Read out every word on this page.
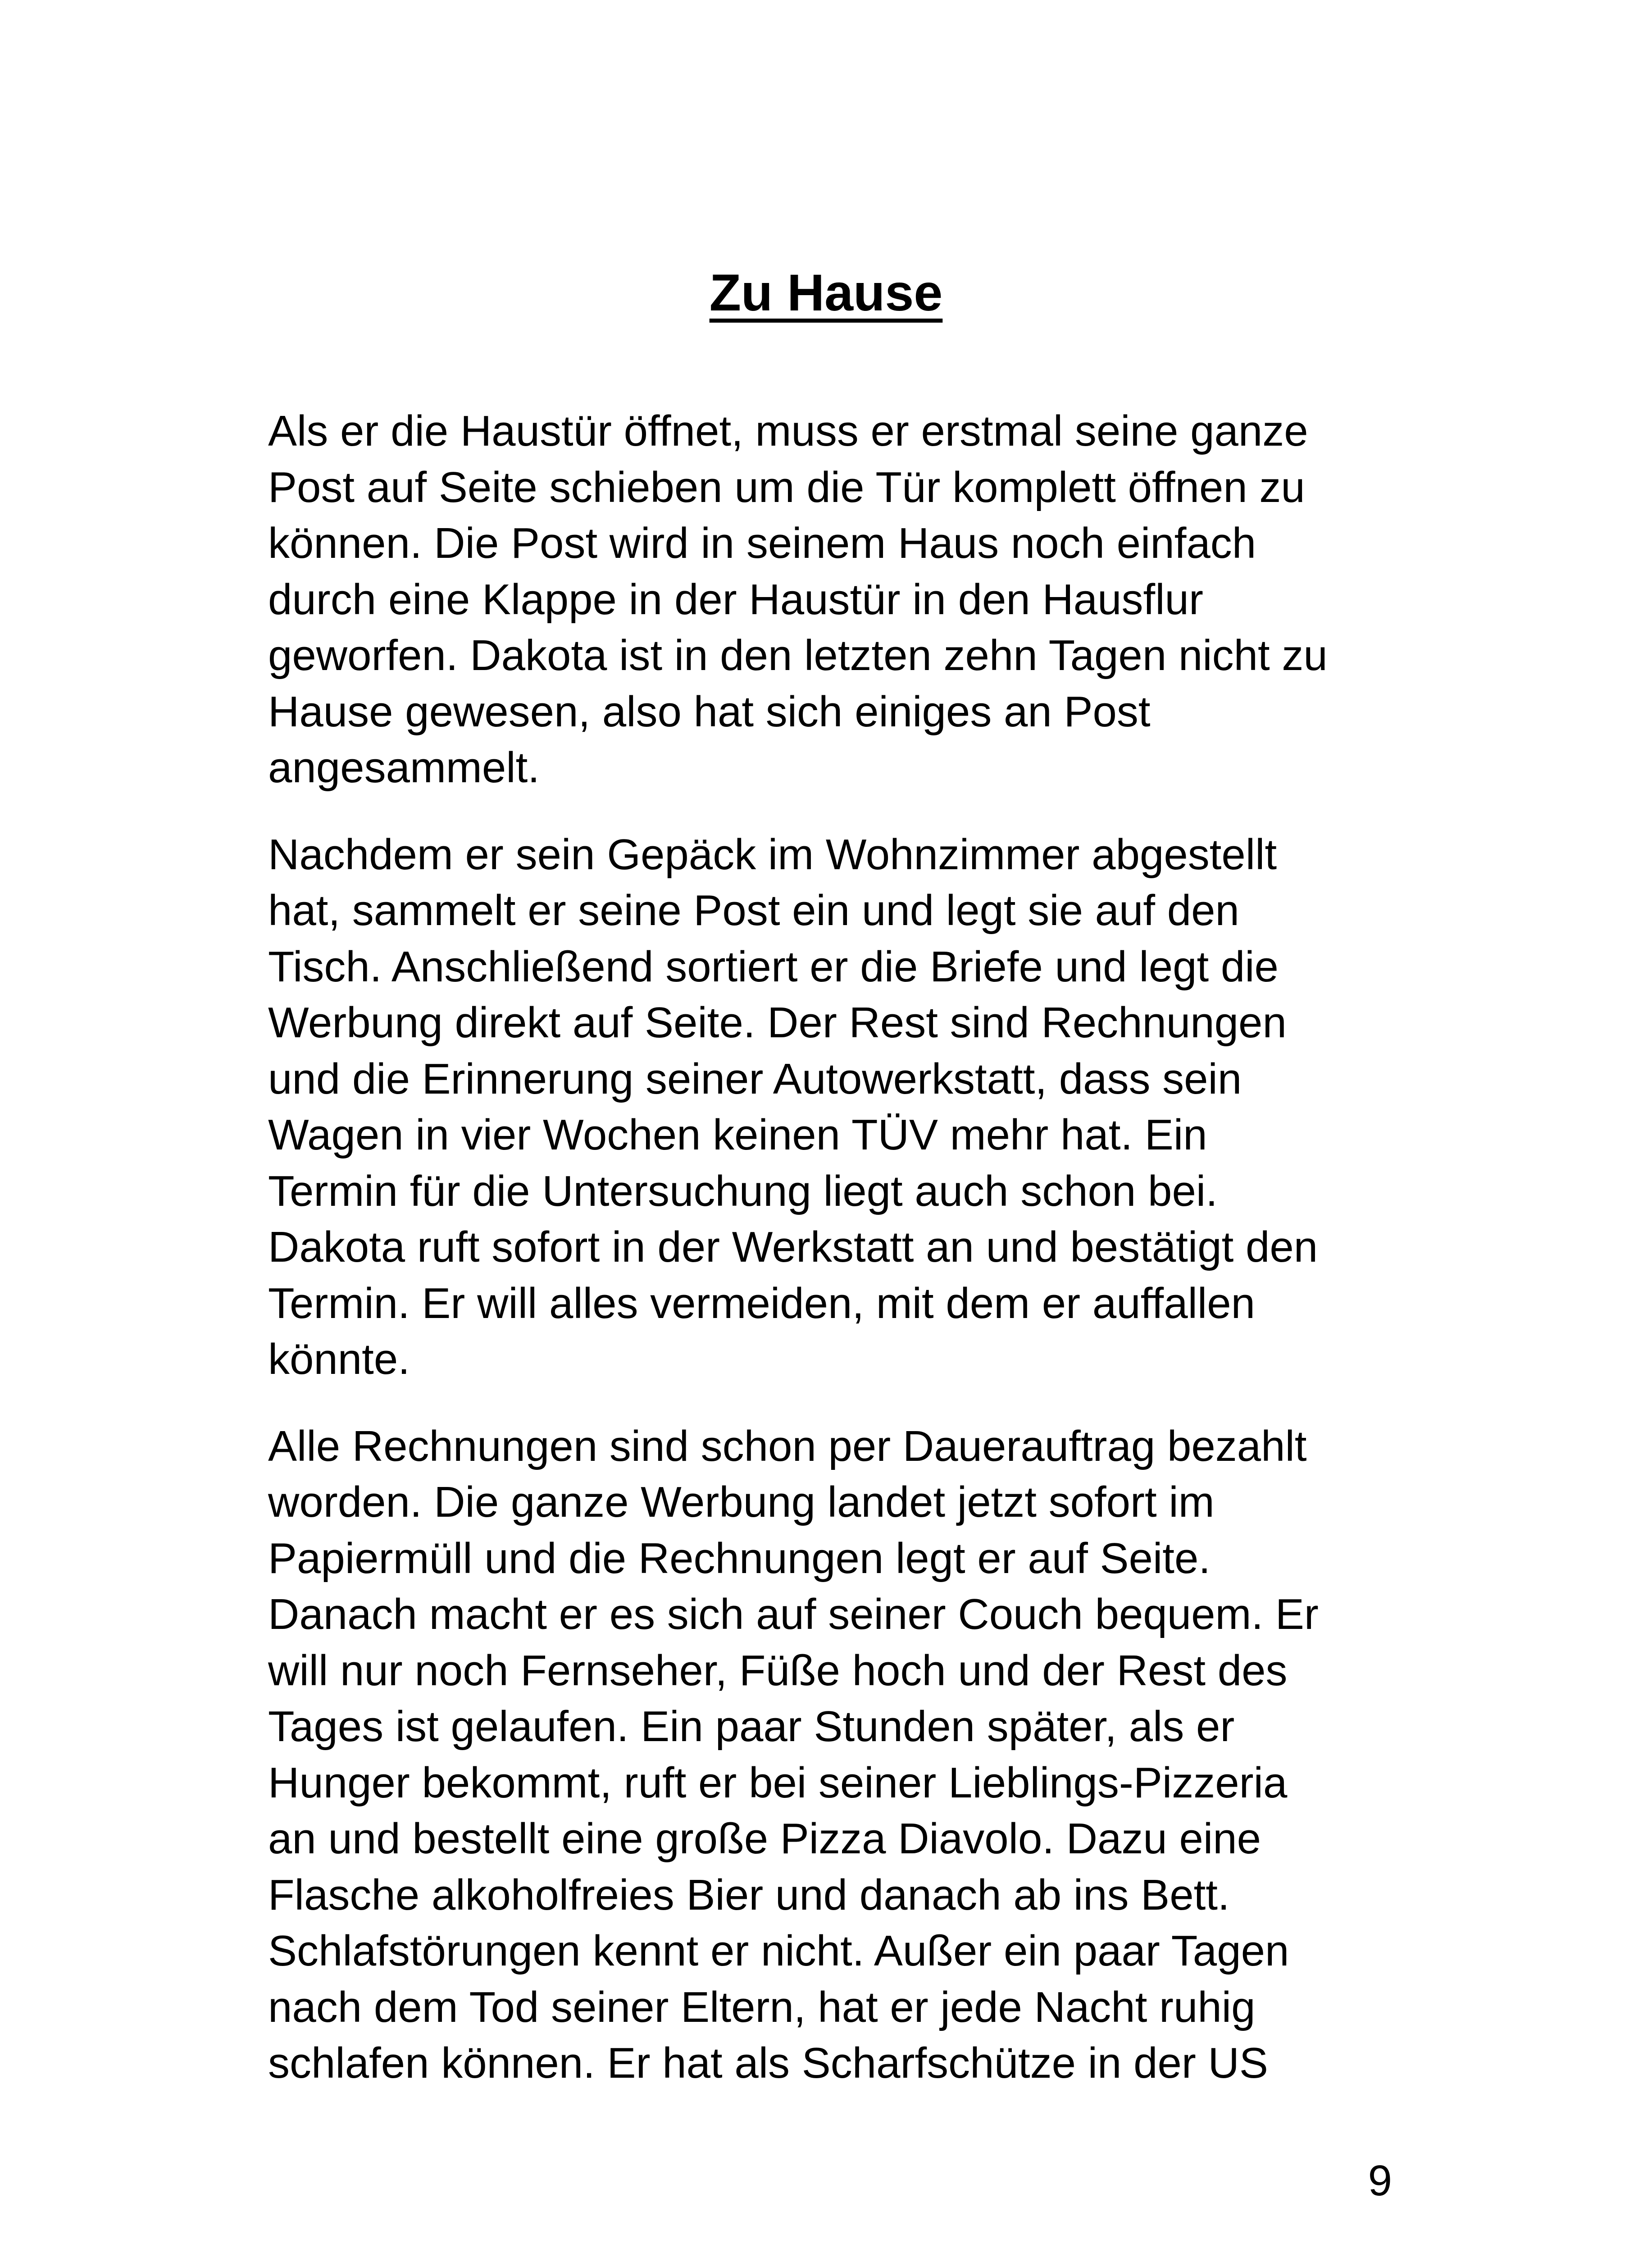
Zu Hause
Als er die Haustür öffnet, muss er erstmal seine ganze
Post auf Seite schieben um die Tür komplett öffnen zu
können. Die Post wird in seinem Haus noch einfach
durch eine Klappe in der Haustür in den Hausflur
geworfen. Dakota ist in den letzten zehn Tagen nicht zu
Hause gewesen, also hat sich einiges an Post
angesammelt.
Nachdem er sein Gepäck im Wohnzimmer abgestellt
hat, sammelt er seine Post ein und legt sie auf den
Tisch. Anschließend sortiert er die Briefe und legt die
Werbung direkt auf Seite. Der Rest sind Rechnungen
und die Erinnerung seiner Autowerkstatt, dass sein
Wagen in vier Wochen keinen TÜV mehr hat. Ein
Termin für die Untersuchung liegt auch schon bei.
Dakota ruft sofort in der Werkstatt an und bestätigt den
Termin. Er will alles vermeiden, mit dem er auffallen
könnte.
Alle Rechnungen sind schon per Dauerauftrag bezahlt
worden. Die ganze Werbung landet jetzt sofort im
Papiermüll und die Rechnungen legt er auf Seite.
Danach macht er es sich auf seiner Couch bequem. Er
will nur noch Fernseher, Füße hoch und der Rest des
Tages ist gelaufen. Ein paar Stunden später, als er
Hunger bekommt, ruft er bei seiner Lieblings-Pizzeria
an und bestellt eine große Pizza Diavolo. Dazu eine
Flasche alkoholfreies Bier und danach ab ins Bett.
Schlafstörungen kennt er nicht. Außer ein paar Tagen
nach dem Tod seiner Eltern, hat er jede Nacht ruhig
schlafen können. Er hat als Scharfschütze in der US
9
